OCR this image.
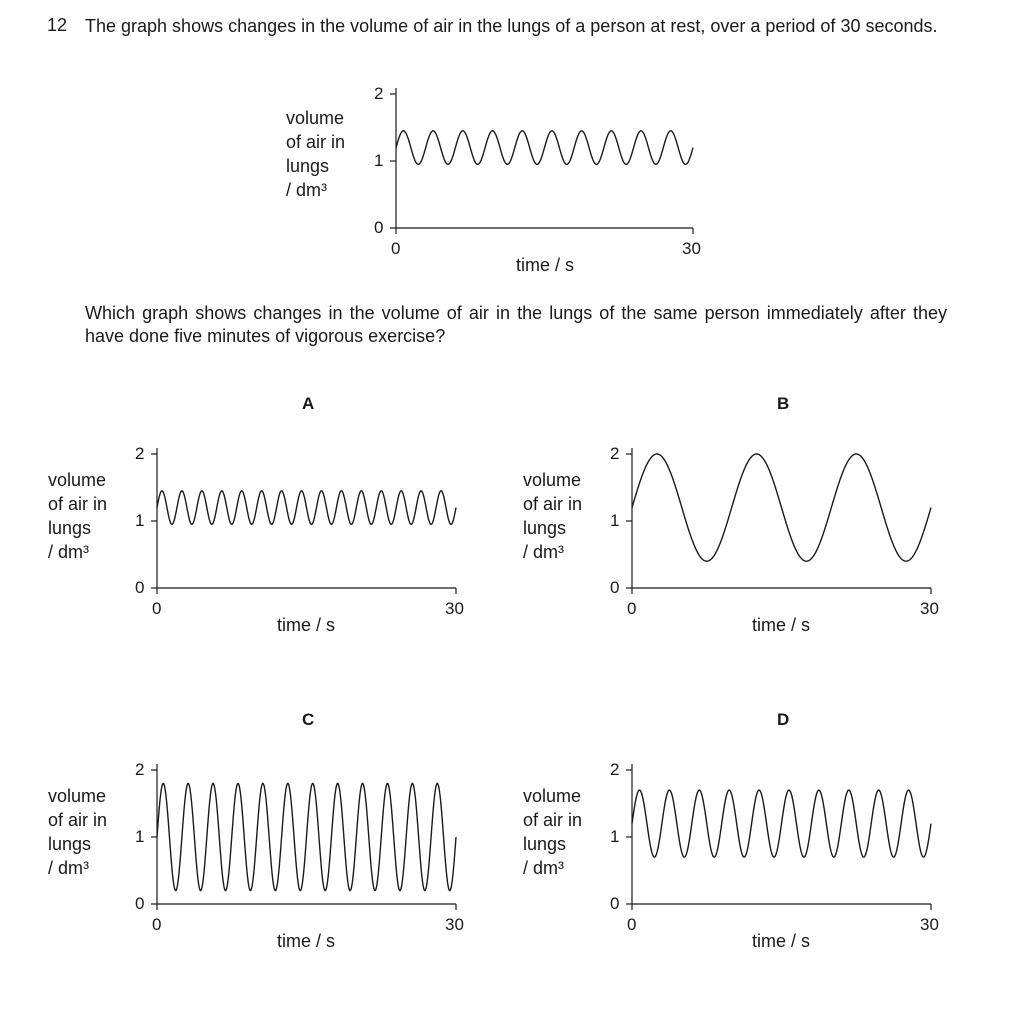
12 The graph shows changes in the volume of air in the lungs of a person at rest, over a period of 30 seconds.
Which graph shows changes in the volume of air in the lungs of the same person immediately after they have done five minutes of vigorous exercise?
0
1
2
0	30
time / s
volume
of air in
lungs
/ dm³
0
1
2
0	30
time / s
volume
of air in
lungs
/ dm³
A
0
1
2
0	30
time / s
volume
of air in
lungs
/ dm³
B
0
1
2
0	30
time / s
volume
of air in
lungs
/ dm³
C
0
1
2
0	30
time / s
volume
of air in
lungs
/ dm³
D
